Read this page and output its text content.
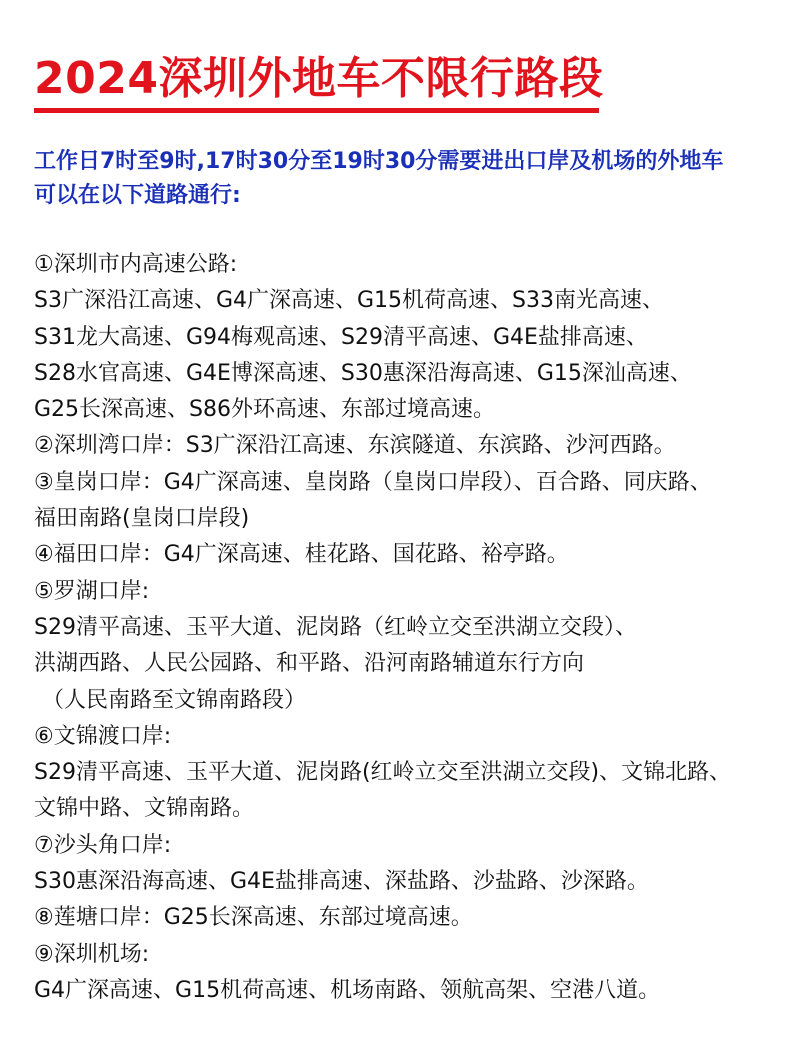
2024深圳外地车不限行路段

工作日7时至9时,17时30分至19时30分需要进出口岸及机场的外地车
可以在以下道路通行:

①深圳市内高速公路:
S3广深沿江高速、G4广深高速、G15机荷高速、S33南光高速、
S31龙大高速、G94梅观高速、S29清平高速、G4E盐排高速、
S28水官高速、G4E博深高速、S30惠深沿海高速、G15深汕高速、
G25长深高速、S86外环高速、东部过境高速。
②深圳湾口岸：S3广深沿江高速、东滨隧道、东滨路、沙河西路。
③皇岗口岸：G4广深高速、皇岗路（皇岗口岸段）、百合路、同庆路、
福田南路(皇岗口岸段)
④福田口岸：G4广深高速、桂花路、国花路、裕亭路。
⑤罗湖口岸:
S29清平高速、玉平大道、泥岗路（红岭立交至洪湖立交段）、
洪湖西路、人民公园路、和平路、沿河南路辅道东行方向
（人民南路至文锦南路段）
⑥文锦渡口岸:
S29清平高速、玉平大道、泥岗路(红岭立交至洪湖立交段)、文锦北路、
文锦中路、文锦南路。
⑦沙头角口岸:
S30惠深沿海高速、G4E盐排高速、深盐路、沙盐路、沙深路。
⑧莲塘口岸：G25长深高速、东部过境高速。
⑨深圳机场:
G4广深高速、G15机荷高速、机场南路、领航高架、空港八道。
